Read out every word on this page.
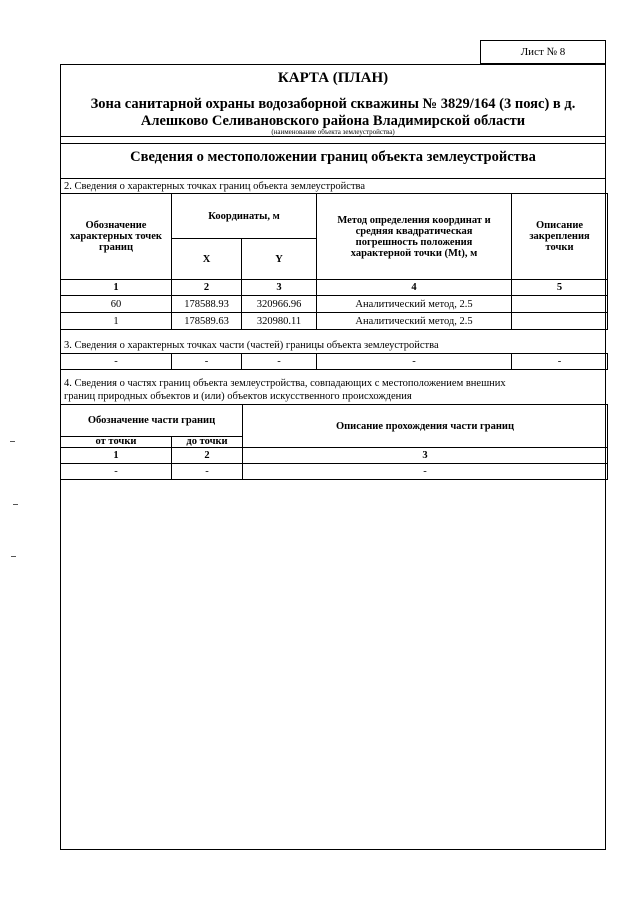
Лист № 8
КАРТА (ПЛАН)
Зона санитарной охраны водозаборной скважины № 3829/164 (3 пояс) в д.
Алешково Селивановского района Владимирской области
(наименование объекта землеустройства)
Сведения о местоположении границ объекта землеустройства
2. Сведения о характерных точках границ объекта землеустройства
Обозначение характерных точек границ	Координаты, м		Метод определения координат и средняя квадратическая погрешность положения характерной точки (Mt), м	Описание закрепления точки
	X	Y		
1	2	3	4	5
60	178588.93	320966.96	Аналитический метод, 2.5	
1	178589.63	320980.11	Аналитический метод, 2.5	
3. Сведения о характерных точках части (частей) границы объекта землеустройства
-	-	-	-	-
4. Сведения о частях границ объекта землеустройства, совпадающих с местоположением внешних
границ природных объектов и (или) объектов искусственного происхождения
Обозначение части границ		Описание прохождения части границ
от точки	до точки	
1	2	3
-	-	-
